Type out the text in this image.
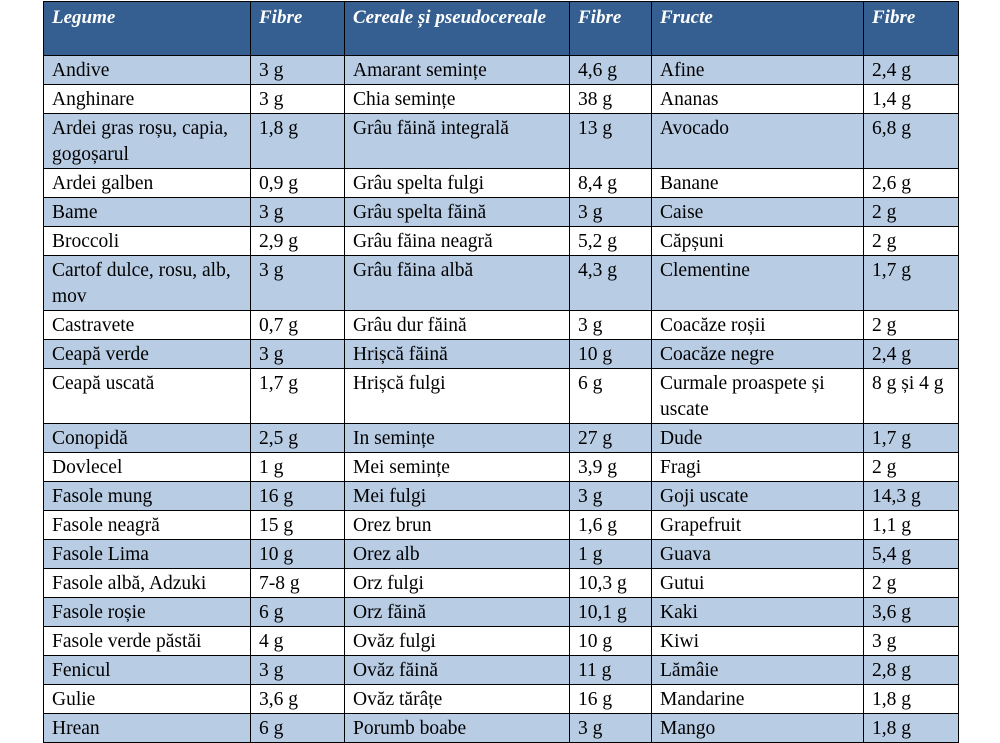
Legume	Fibre	Cereale și pseudocereale	Fibre	Fructe	Fibre
Andive	3 g	Amarant semințe	4,6 g	Afine	2,4 g
Anghinare	3 g	Chia semințe	38 g	Ananas	1,4 g
Ardei gras roșu, capia, gogoșarul	1,8 g	Grâu făină integrală	13 g	Avocado	6,8 g
Ardei galben	0,9 g	Grâu spelta fulgi	8,4 g	Banane	2,6 g
Bame	3 g	Grâu spelta făină	3 g	Caise	2 g
Broccoli	2,9 g	Grâu făina neagră	5,2 g	Căpșuni	2 g
Cartof dulce, rosu, alb, mov	3 g	Grâu făina albă	4,3 g	Clementine	1,7 g
Castravete	0,7 g	Grâu dur făină	3 g	Coacăze roșii	2 g
Ceapă verde	3 g	Hrișcă făină	10 g	Coacăze negre	2,4 g
Ceapă uscată	1,7 g	Hrișcă fulgi	6 g	Curmale proaspete și uscate	8 g și 4 g
Conopidă	2,5 g	In semințe	27 g	Dude	1,7 g
Dovlecel	1 g	Mei semințe	3,9 g	Fragi	2 g
Fasole mung	16 g	Mei fulgi	3 g	Goji uscate	14,3 g
Fasole neagră	15 g	Orez brun	1,6 g	Grapefruit	1,1 g
Fasole Lima	10 g	Orez alb	1 g	Guava	5,4 g
Fasole albă, Adzuki	7-8 g	Orz fulgi	10,3 g	Gutui	2 g
Fasole roșie	6 g	Orz făină	10,1 g	Kaki	3,6 g
Fasole verde păstăi	4 g	Ovăz fulgi	10 g	Kiwi	3 g
Fenicul	3 g	Ovăz făină	11 g	Lămâie	2,8 g
Gulie	3,6 g	Ovăz tărâțe	16 g	Mandarine	1,8 g
Hrean	6 g	Porumb boabe	3 g	Mango	1,8 g
